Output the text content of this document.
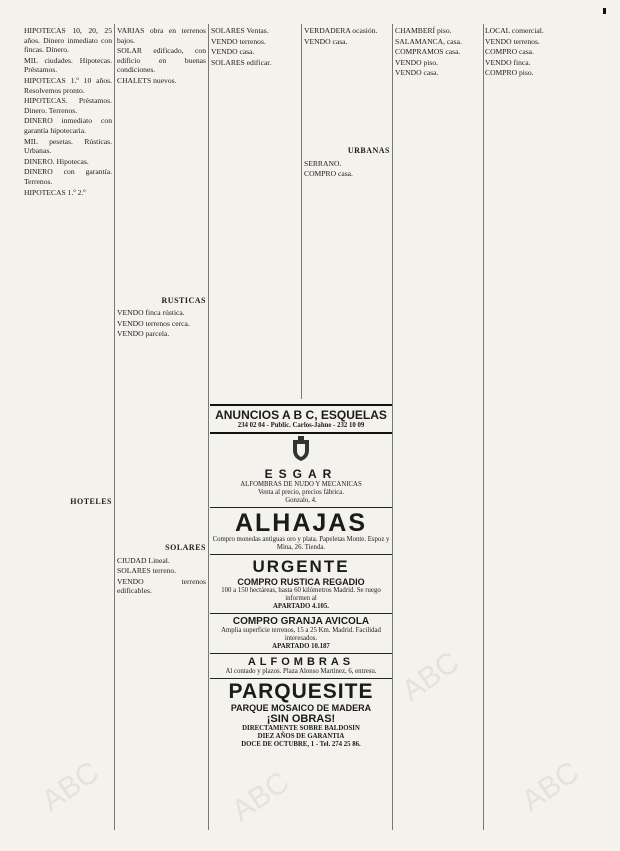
HIPOTECAS 10, 20, 25 años. Dinero inmediato con fincas. Dinero.

MIL ciudades. Hipotecas. Préstamos.

HIPOTECAS 1.º 10 años. Resolvemos pronto.

HIPOTECAS. Préstamos. Dinero. Terrenos.

DINERO inmediato con garantía hipotecaria.

MIL pesetas. Rústicas. Urbanas.

DINERO. Hipotecas.

DINERO con garantía. Terrenos.

HIPOTECAS 1.º 2.º

HOTELES

VARIAS obra en terrenos bajos.

SOLAR edificado, con edificio en buenas condiciones.

CHALETS nuevos.

RUSTICAS

VENDO finca rústica.

VENDO terrenos cerca.

VENDO parcela.

SOLARES

CIUDAD Lineal.

SOLARES terreno.

VENDO terrenos edificables.

SOLARES Ventas.

VENDO terrenos.

VENDO casa.

SOLARES edificar.

VERDADERA ocasión.

VENDO casa.

URBANAS

SERRANO.

COMPRO casa.

CHAMBERÍ piso.

SALAMANCA, casa.

COMPRAMOS casa.

VENDO piso.

VENDO casa.

LOCAL comercial.

VENDO terrenos.

COMPRO casa.

VENDO finca.

COMPRO piso.

ANUNCIOS A B C, ESQUELAS
234 02 04 - Public. Carlos-Jahne - 232 10 09
ESGAR
ALFOMBRAS DE NUDO Y MECANICAS
Venta al precio, precios fábrica.
Gonzalo, 4.
ALHAJAS
Compro monedas antiguas oro y plata. Papeletas Monte. Espoz y Mina, 26. Tienda.
URGENTE
COMPRO RUSTICA REGADIO
100 a 150 hectáreas, hasta 60 kilómetros Madrid. Se ruego informen al
APARTADO 4.105.
COMPRO GRANJA AVICOLA
Amplia superficie terrenos, 15 a 25 Km. Madrid. Facilidad interesados.
APARTADO 10.187
ALFOMBRAS
Al contado y plazos. Plaza Alonso Martínez, 6, entresu.
PARQUESITE
PARQUE MOSAICO DE MADERA
¡SIN OBRAS!
DIRECTAMENTE SOBRE BALDOSIN
DIEZ AÑOS DE GARANTIA
DOCE DE OCTUBRE, 1 - Tel. 274 25 86.
ABC	ABC
ABC
ABC
